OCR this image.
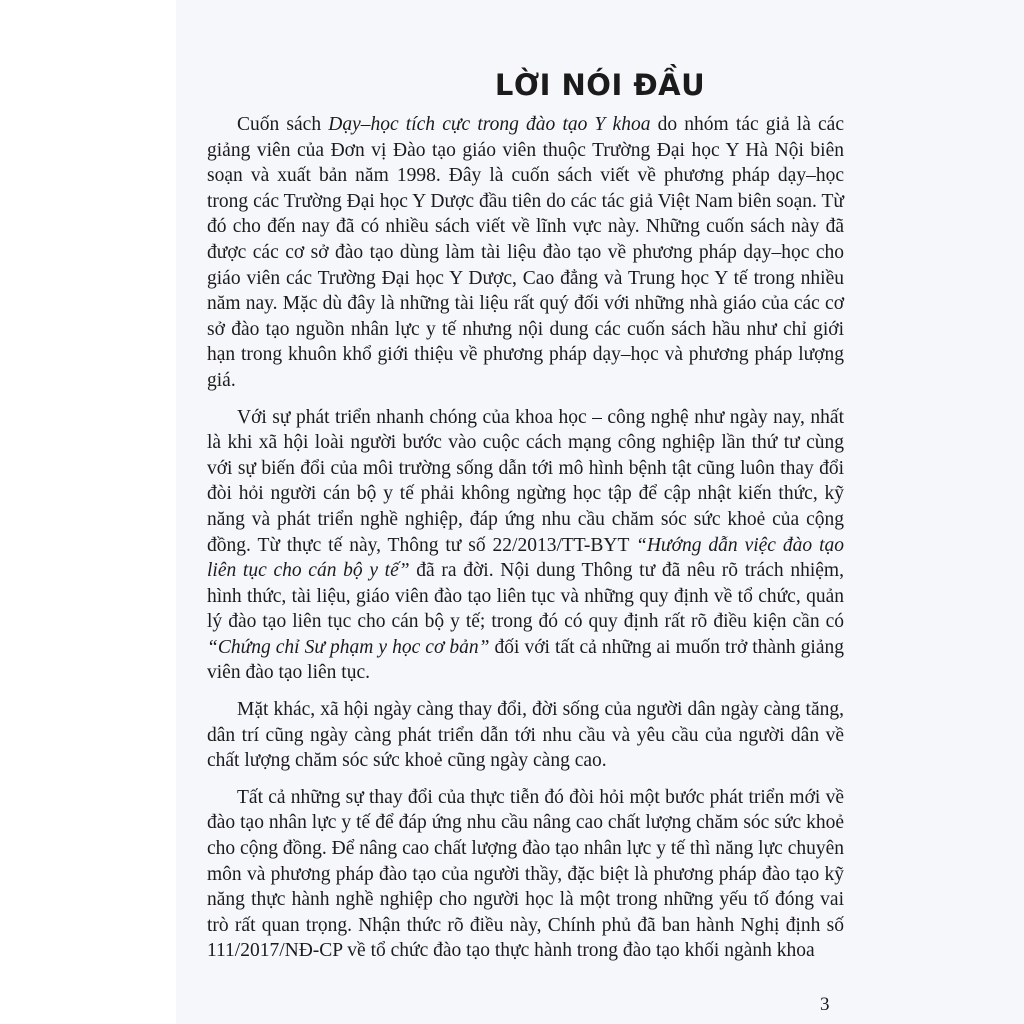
LỜI NÓI ĐẦU

Cuốn sách Dạy–học tích cực trong đào tạo Y khoa do nhóm tác giả là các giảng viên của Đơn vị Đào tạo giáo viên thuộc Trường Đại học Y Hà Nội biên soạn và xuất bản năm 1998. Đây là cuốn sách viết về phương pháp dạy–học trong các Trường Đại học Y Dược đầu tiên do các tác giả Việt Nam biên soạn. Từ đó cho đến nay đã có nhiều sách viết về lĩnh vực này. Những cuốn sách này đã được các cơ sở đào tạo dùng làm tài liệu đào tạo về phương pháp dạy–học cho giáo viên các Trường Đại học Y Dược, Cao đẳng và Trung học Y tế trong nhiều năm nay. Mặc dù đây là những tài liệu rất quý đối với những nhà giáo của các cơ sở đào tạo nguồn nhân lực y tế nhưng nội dung các cuốn sách hầu như chỉ giới hạn trong khuôn khổ giới thiệu về phương pháp dạy–học và phương pháp lượng giá.

Với sự phát triển nhanh chóng của khoa học – công nghệ như ngày nay, nhất là khi xã hội loài người bước vào cuộc cách mạng công nghiệp lần thứ tư cùng với sự biến đổi của môi trường sống dẫn tới mô hình bệnh tật cũng luôn thay đổi đòi hỏi người cán bộ y tế phải không ngừng học tập để cập nhật kiến thức, kỹ năng và phát triển nghề nghiệp, đáp ứng nhu cầu chăm sóc sức khoẻ của cộng đồng. Từ thực tế này, Thông tư số 22/2013/TT-BYT “Hướng dẫn việc đào tạo liên tục cho cán bộ y tế” đã ra đời. Nội dung Thông tư đã nêu rõ trách nhiệm, hình thức, tài liệu, giáo viên đào tạo liên tục và những quy định về tổ chức, quản lý đào tạo liên tục cho cán bộ y tế; trong đó có quy định rất rõ điều kiện cần có “Chứng chỉ Sư phạm y học cơ bản” đối với tất cả những ai muốn trở thành giảng viên đào tạo liên tục.

Mặt khác, xã hội ngày càng thay đổi, đời sống của người dân ngày càng tăng, dân trí cũng ngày càng phát triển dẫn tới nhu cầu và yêu cầu của người dân về chất lượng chăm sóc sức khoẻ cũng ngày càng cao.

Tất cả những sự thay đổi của thực tiễn đó đòi hỏi một bước phát triển mới về đào tạo nhân lực y tế để đáp ứng nhu cầu nâng cao chất lượng chăm sóc sức khoẻ cho cộng đồng. Để nâng cao chất lượng đào tạo nhân lực y tế thì năng lực chuyên môn và phương pháp đào tạo của người thầy, đặc biệt là phương pháp đào tạo kỹ năng thực hành nghề nghiệp cho người học là một trong những yếu tố đóng vai trò rất quan trọng. Nhận thức rõ điều này, Chính phủ đã ban hành Nghị định số 111/2017/NĐ-CP về tổ chức đào tạo thực hành trong đào tạo khối ngành khoa

3
